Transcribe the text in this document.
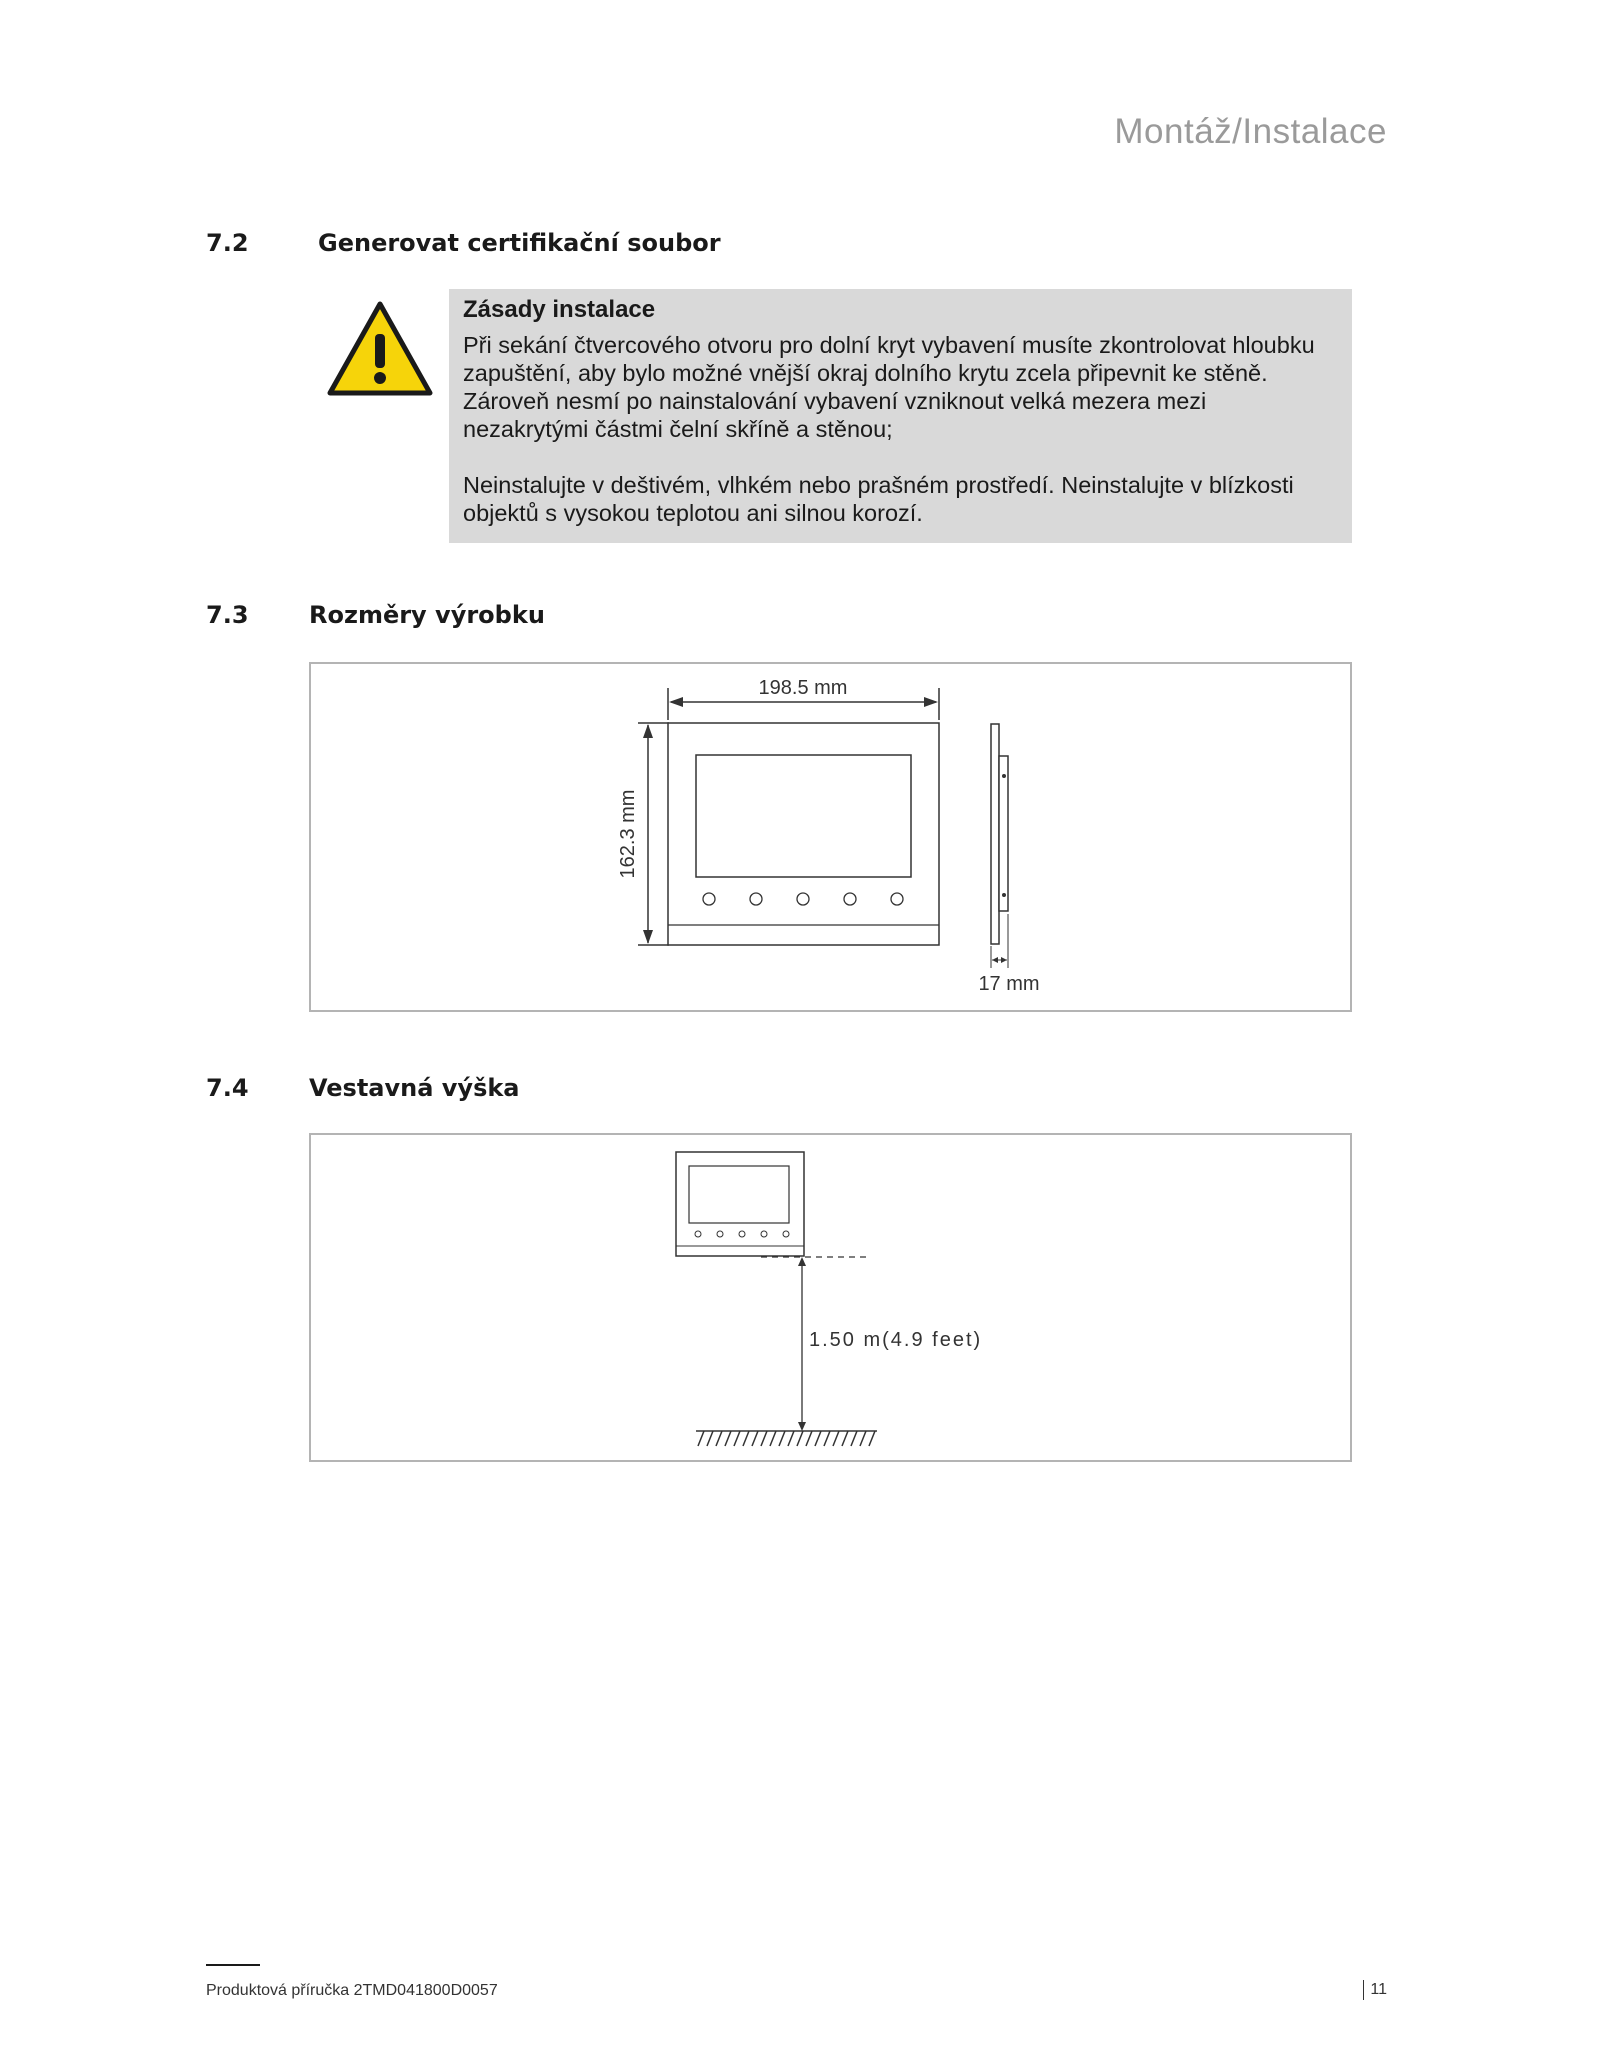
Montáž/Instalace
7.2	Generovat certifikační soubor
Zásady instalace

Při sekání čtvercového otvoru pro dolní kryt vybavení musíte zkontrolovat hloubku zapuštění, aby bylo možné vnější okraj dolního krytu zcela připevnit ke stěně. Zároveň nesmí po nainstalování vybavení vzniknout velká mezera mezi nezakrytými částmi čelní skříně a stěnou;

Neinstalujte v deštivém, vlhkém nebo prašném prostředí. Neinstalujte v blízkosti objektů s vysokou teplotou ani silnou korozí.

7.3	Rozměry výrobku
198.5 mm
162.3 mm
17 mm
7.4	Vestavná výška
1.50 m(4.9 feet)
Produktová příručka 2TMD041800D0057	11
